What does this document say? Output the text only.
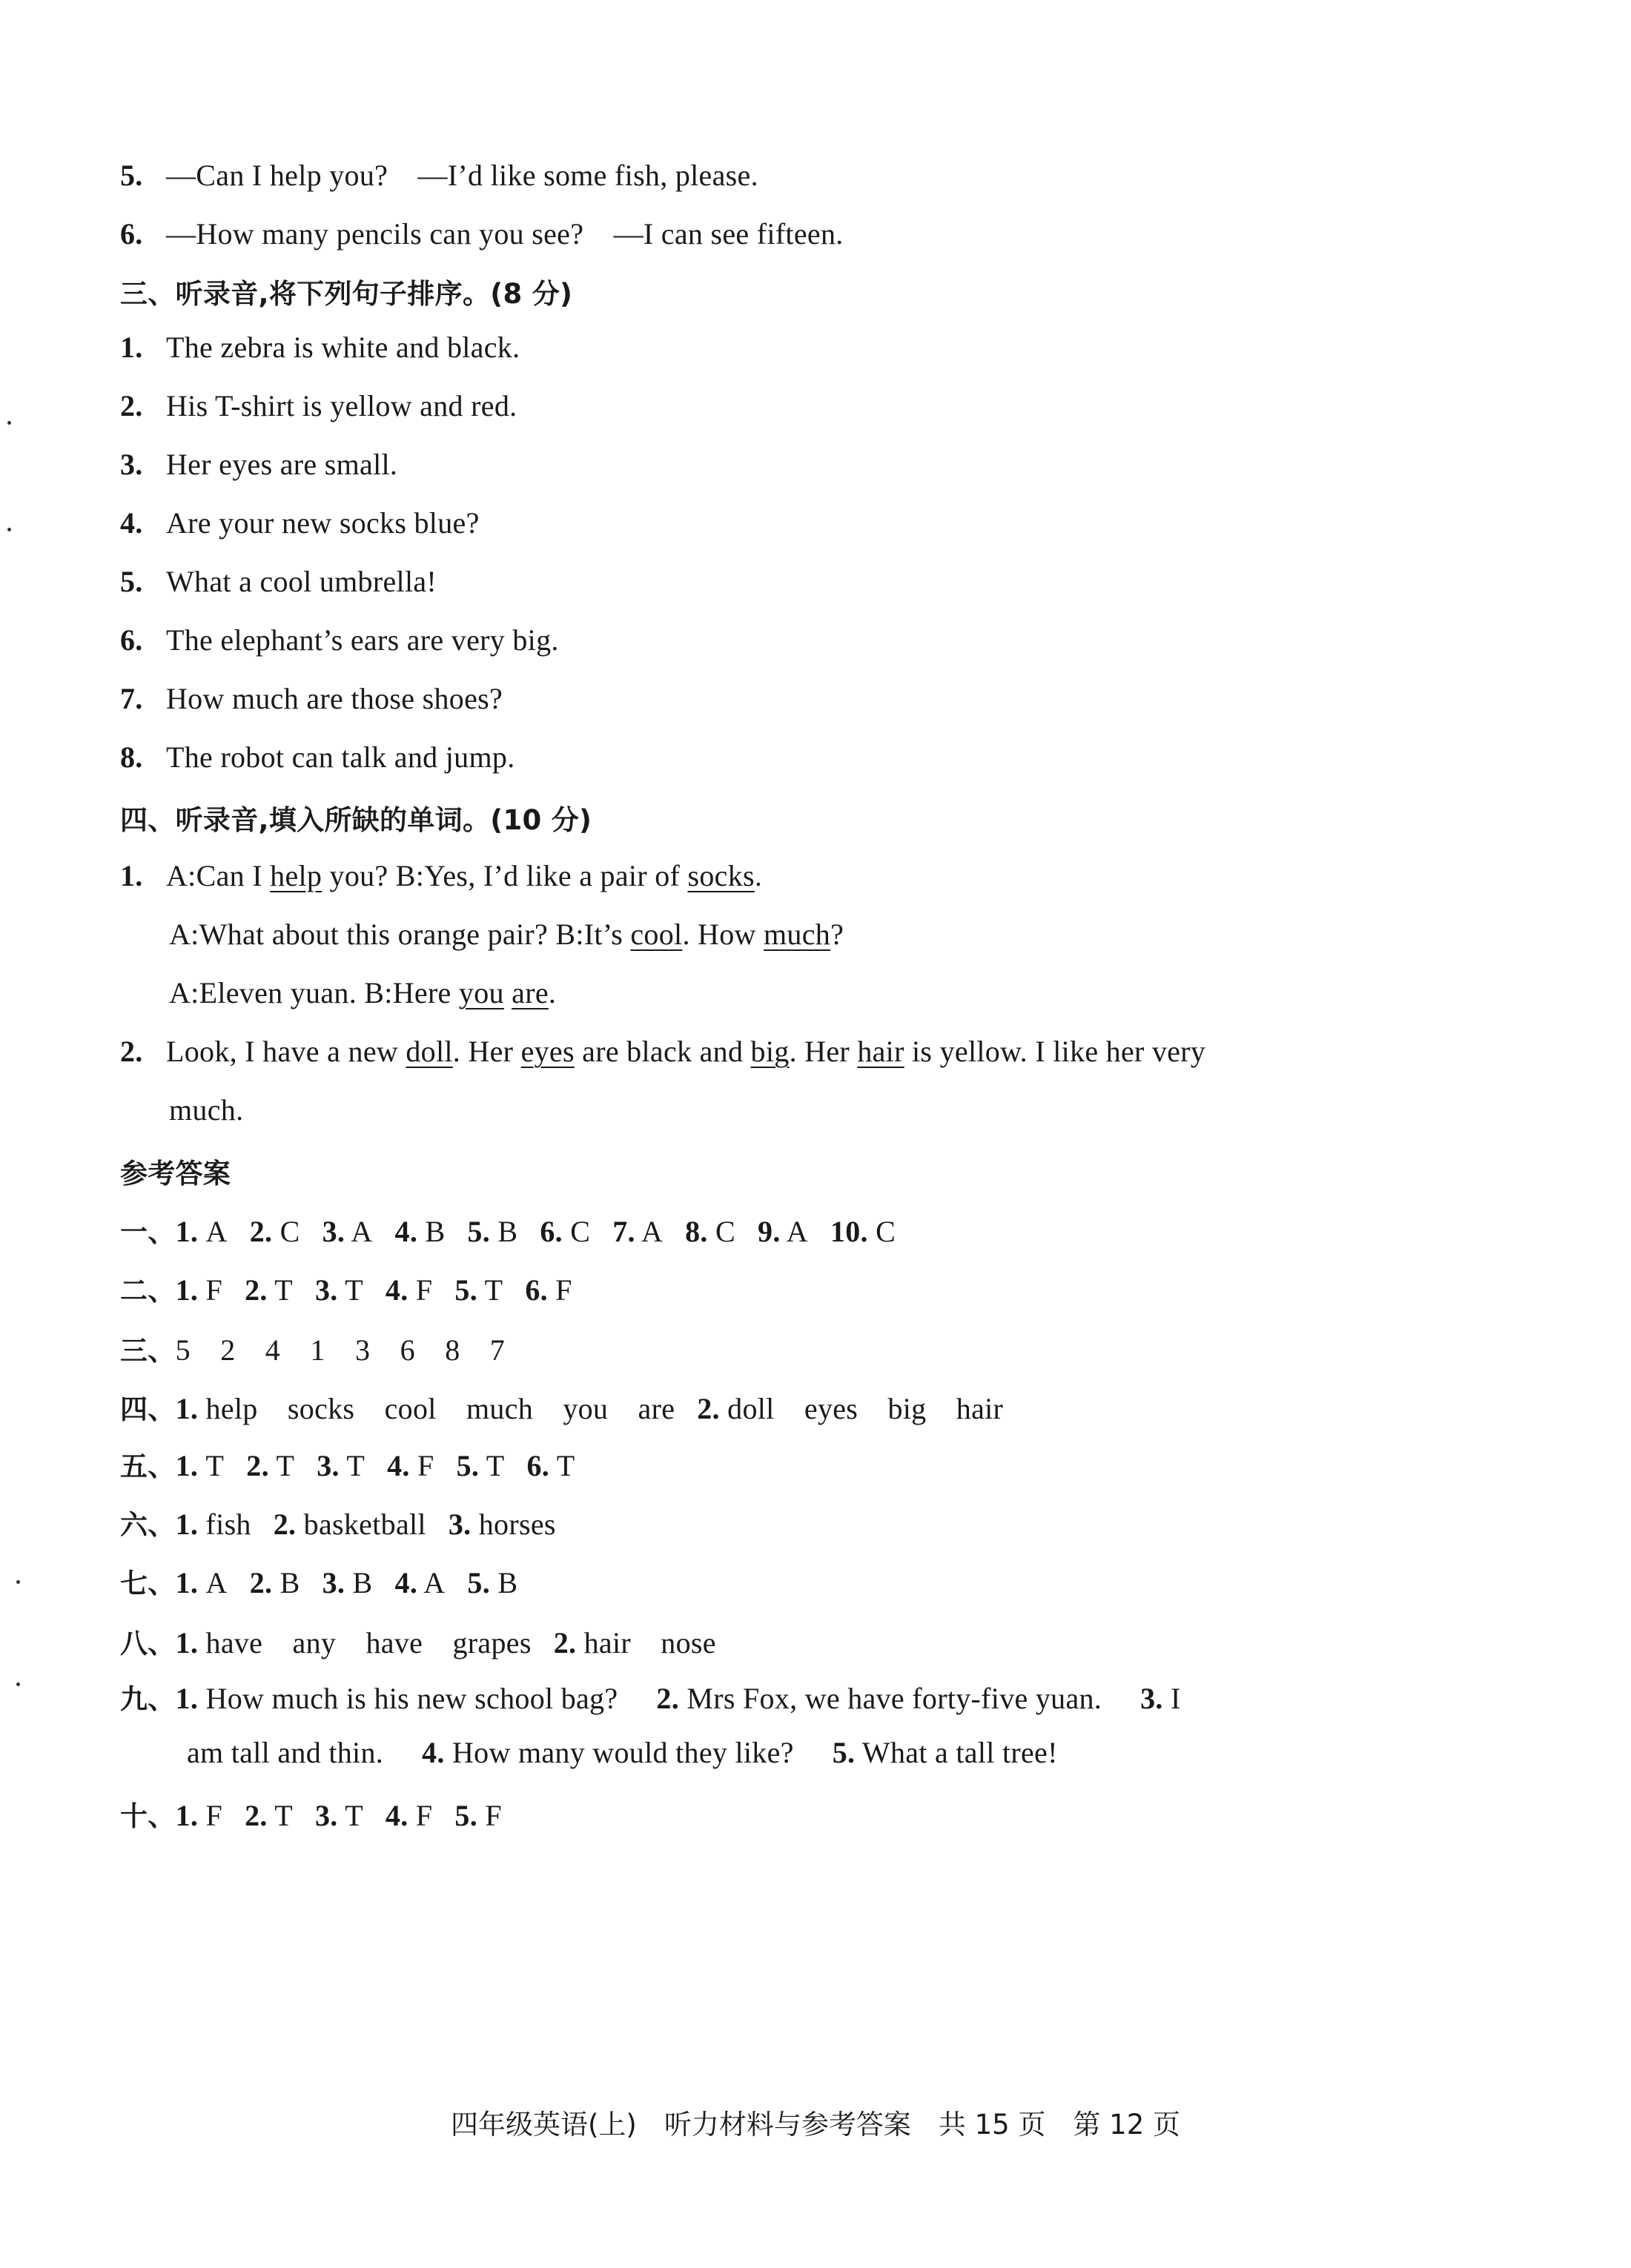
5. —Can I help you?　—I’d like some fish, please.
6. —How many pencils can you see?　—I can see fifteen.
三、听录音,将下列句子排序。(8 分)
1. The zebra is white and black.
2. His T-shirt is yellow and red.
3. Her eyes are small.
4. Are your new socks blue?
5. What a cool umbrella!
6. The elephant’s ears are very big.
7. How much are those shoes?
8. The robot can talk and jump.
四、听录音,填入所缺的单词。(10 分)
1. A:Can I help you? B:Yes, I’d like a pair of socks.
A:What about this orange pair? B:It’s cool. How much?
A:Eleven yuan. B:Here you are.
2. Look, I have a new doll. Her eyes are black and big. Her hair is yellow. I like her very
much.
参考答案
一、1. A 2. C 3. A 4. B 5. B 6. C 7. A 8. C 9. A 10. C
二、1. F 2. T 3. T 4. F 5. T 6. F
三、5　2　4　1　3　6　8　7
四、1. help　socks　cool　much　you　are 2. doll　eyes　big　hair
五、1. T 2. T 3. T 4. F 5. T 6. T
六、1. fish 2. basketball 3. horses
七、1. A 2. B 3. B 4. A 5. B
八、1. have　any　have　grapes 2. hair　nose
十、1. F 2. T 3. T 4. F 5. F
九、1. How much is his new school bag? 2. Mrs Fox, we have forty-five yuan. 3. I
am tall and thin. 4. How many would they like? 5. What a tall tree!
四年级英语(上)　听力材料与参考答案　共 15 页　第 12 页
